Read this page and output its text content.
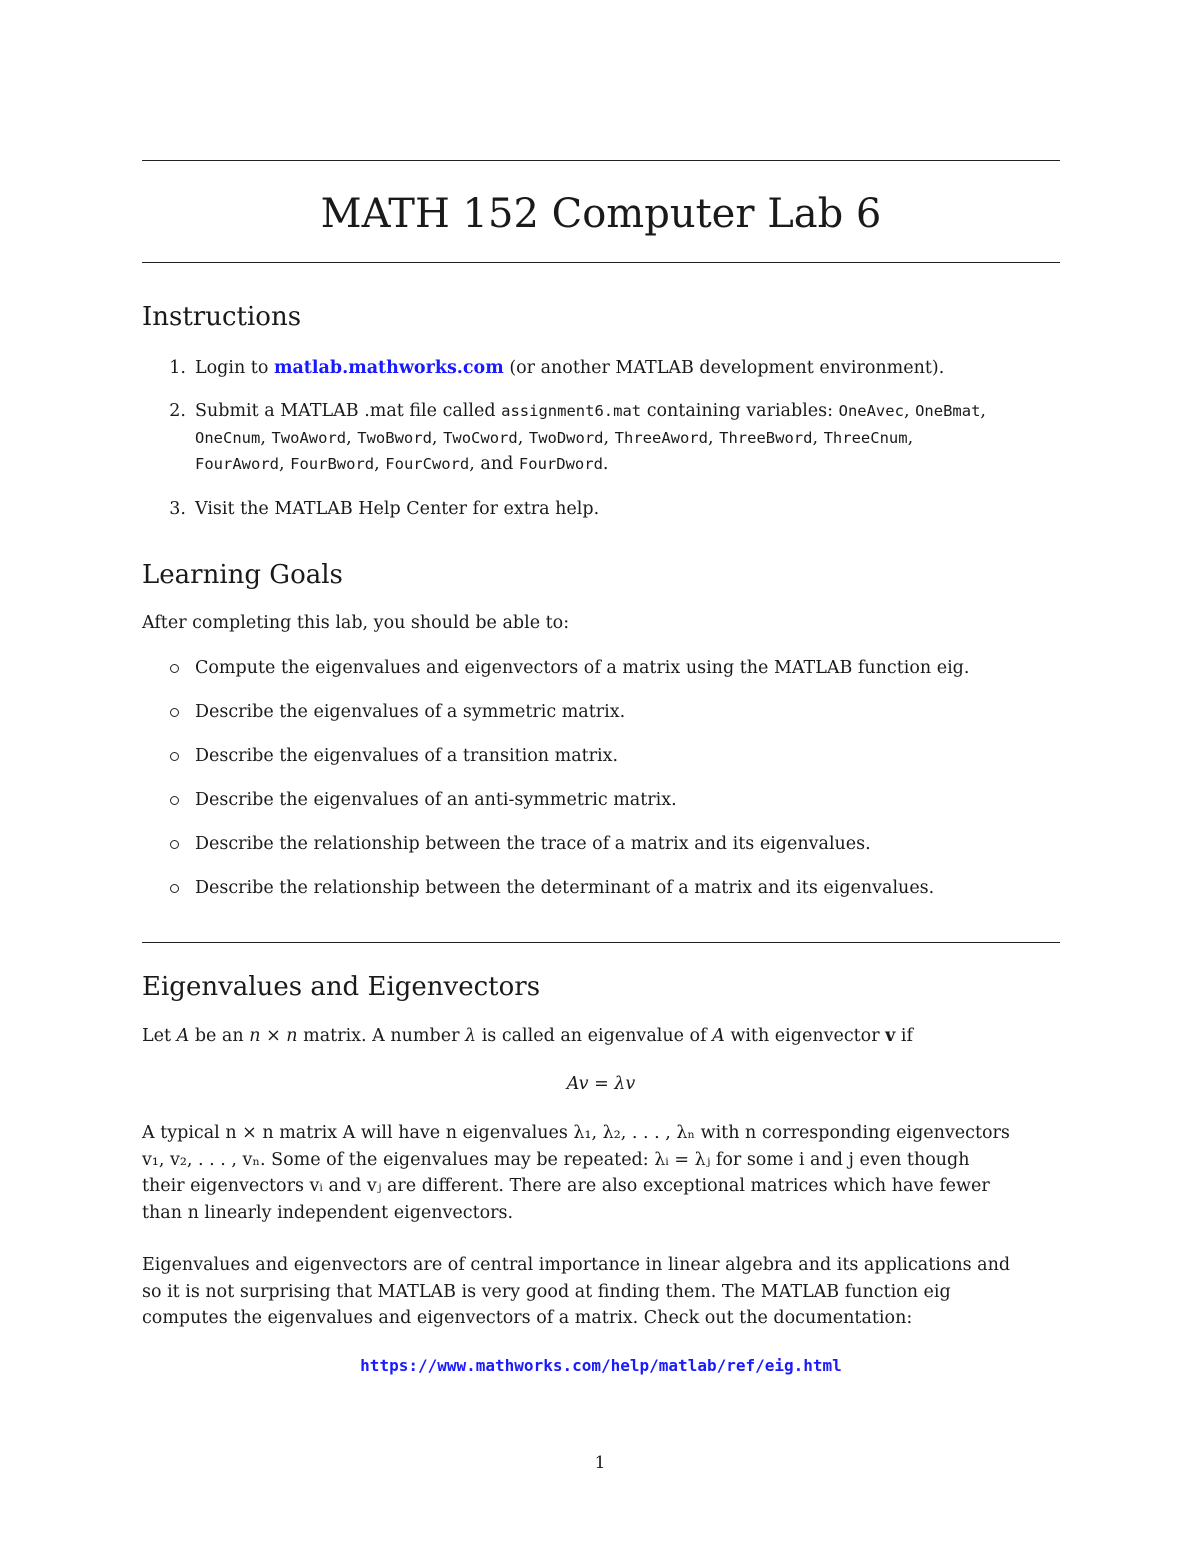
MATH 152 Computer Lab 6
Instructions
1. Login to matlab.mathworks.com (or another MATLAB development environment).
2. Submit a MATLAB .mat file called assignment6.mat containing variables: OneAvec, OneBmat,
OneCnum, TwoAword, TwoBword, TwoCword, TwoDword, ThreeAword, ThreeBword, ThreeCnum,
FourAword, FourBword, FourCword, and FourDword.
3. Visit the MATLAB Help Center for extra help.
Learning Goals
After completing this lab, you should be able to:
Compute the eigenvalues and eigenvectors of a matrix using the MATLAB function eig.
Describe the eigenvalues of a symmetric matrix.
Describe the eigenvalues of a transition matrix.
Describe the eigenvalues of an anti-symmetric matrix.
Describe the relationship between the trace of a matrix and its eigenvalues.
Describe the relationship between the determinant of a matrix and its eigenvalues.
Eigenvalues and Eigenvectors
Let A be an n × n matrix. A number λ is called an eigenvalue of A with eigenvector v if
Av = λv
A typical n × n matrix A will have n eigenvalues λ₁, λ₂, . . . , λₙ with n corresponding eigenvectors
v₁, v₂, . . . , vₙ. Some of the eigenvalues may be repeated: λᵢ = λⱼ for some i and j even though
their eigenvectors vᵢ and vⱼ are different. There are also exceptional matrices which have fewer
than n linearly independent eigenvectors.
Eigenvalues and eigenvectors are of central importance in linear algebra and its applications and
so it is not surprising that MATLAB is very good at finding them. The MATLAB function eig
computes the eigenvalues and eigenvectors of a matrix. Check out the documentation:
https://www.mathworks.com/help/matlab/ref/eig.html
1
